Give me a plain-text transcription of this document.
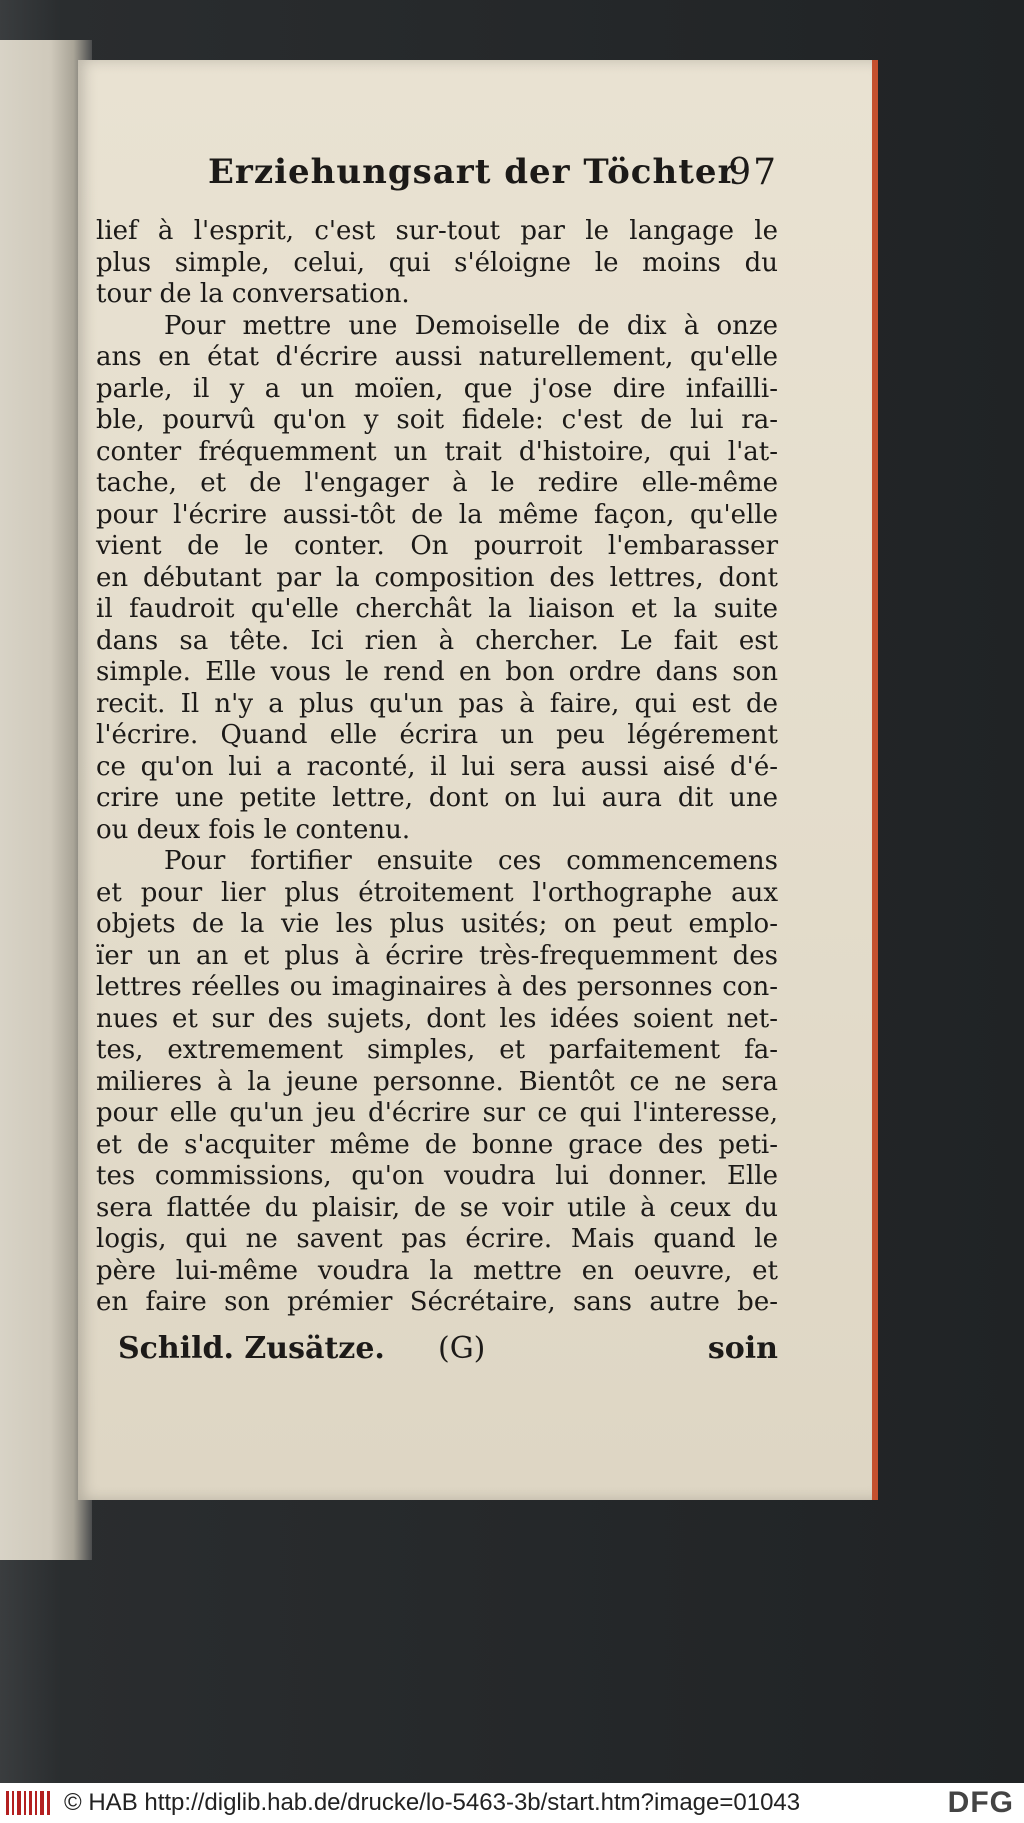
Erziehungsart der Töchter
97
lief à l'esprit, c'est sur-tout par le langage le
plus simple, celui, qui s'éloigne le moins du
tour de la conversation.
Pour mettre une Demoiselle de dix à onze
ans en état d'écrire aussi naturellement, qu'elle
parle, il y a un moïen, que j'ose dire infailli-
ble, pourvû qu'on y soit fidele: c'est de lui ra-
conter fréquemment un trait d'histoire, qui l'at-
tache, et de l'engager à le redire elle-même
pour l'écrire aussi-tôt de la même façon, qu'elle
vient de le conter. On pourroit l'embarasser
en débutant par la composition des lettres, dont
il faudroit qu'elle cherchât la liaison et la suite
dans sa tête. Ici rien à chercher. Le fait est
simple. Elle vous le rend en bon ordre dans son
recit. Il n'y a plus qu'un pas à faire, qui est de
l'écrire. Quand elle écrira un peu légérement
ce qu'on lui a raconté, il lui sera aussi aisé d'é-
crire une petite lettre, dont on lui aura dit une
ou deux fois le contenu.
Pour fortifier ensuite ces commencemens
et pour lier plus étroitement l'orthographe aux
objets de la vie les plus usités; on peut emplo-
ïer un an et plus à écrire très-frequemment des
lettres réelles ou imaginaires à des personnes con-
nues et sur des sujets, dont les idées soient net-
tes, extremement simples, et parfaitement fa-
milieres à la jeune personne. Bientôt ce ne sera
pour elle qu'un jeu d'écrire sur ce qui l'interesse,
et de s'acquiter même de bonne grace des peti-
tes commissions, qu'on voudra lui donner. Elle
sera flattée du plaisir, de se voir utile à ceux du
logis, qui ne savent pas écrire. Mais quand le
père lui-même voudra la mettre en oeuvre, et
en faire son prémier Sécrétaire, sans autre be-
Schild. Zusätze. (G)	soin
© HAB http://diglib.hab.de/drucke/lo-5463-3b/start.htm?image=01043	DFG
